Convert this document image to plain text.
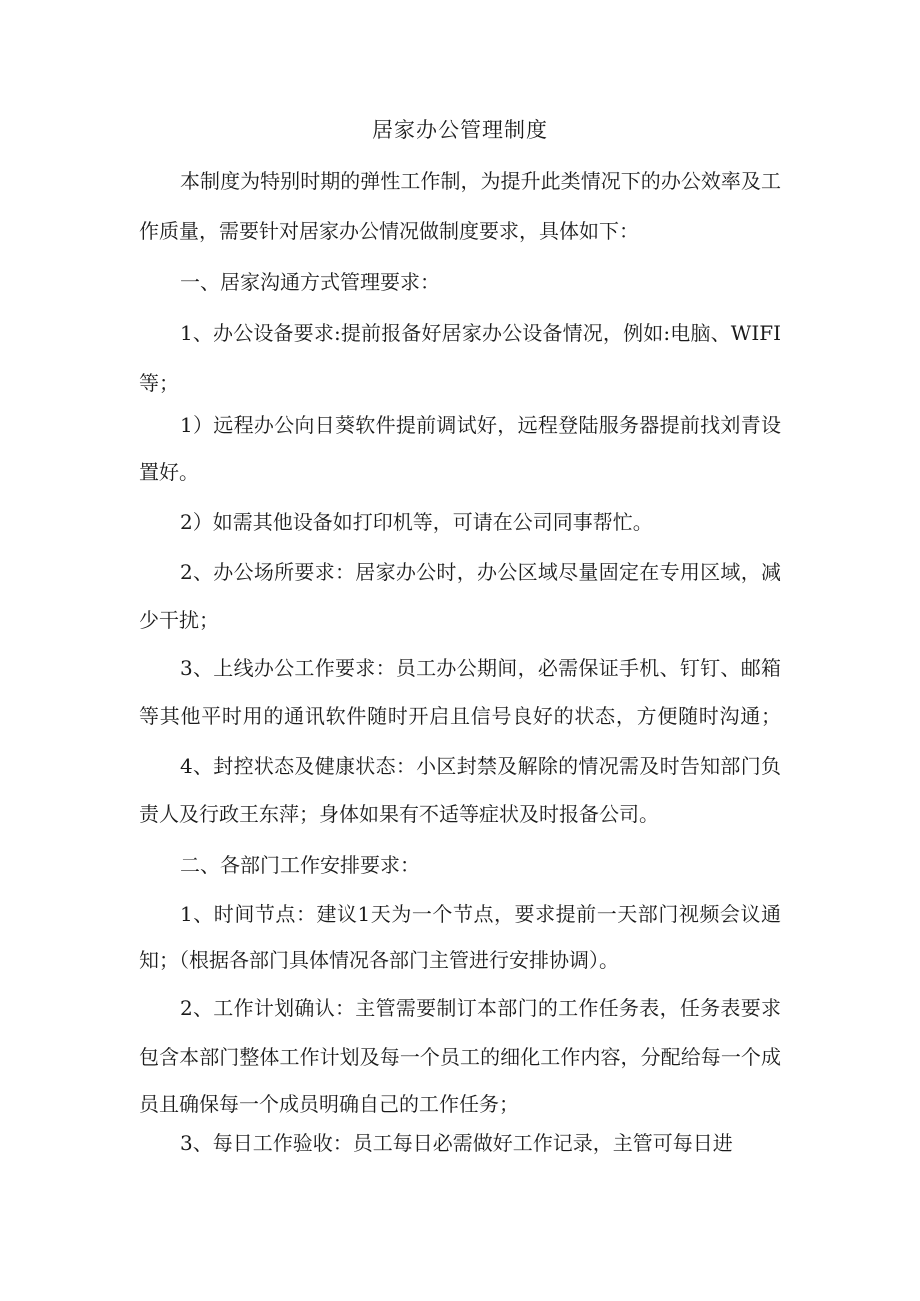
居家办公管理制度
本制度为特别时期的弹性工作制，为提升此类情况下的办公效率及工
作质量，需要针对居家办公情况做制度要求，具体如下：
一、居家沟通方式管理要求：
1、办公设备要求:提前报备好居家办公设备情况，例如:电脑、WIFI
等；
1）远程办公向日葵软件提前调试好，远程登陆服务器提前找刘青设
置好。
2）如需其他设备如打印机等，可请在公司同事帮忙。
2、办公场所要求：居家办公时，办公区域尽量固定在专用区域，减
少干扰；
3、上线办公工作要求：员工办公期间，必需保证手机、钉钉、邮箱
等其他平时用的通讯软件随时开启且信号良好的状态，方便随时沟通；
4、封控状态及健康状态：小区封禁及解除的情况需及时告知部门负
责人及行政王东萍；身体如果有不适等症状及时报备公司。
二、各部门工作安排要求：
1、时间节点：建议1天为一个节点，要求提前一天部门视频会议通
知；（根据各部门具体情况各部门主管进行安排协调）。
2、工作计划确认：主管需要制订本部门的工作任务表，任务表要求
包含本部门整体工作计划及每一个员工的细化工作内容，分配给每一个成
员且确保每一个成员明确自己的工作任务；
3、每日工作验收：员工每日必需做好工作记录，主管可每日进
